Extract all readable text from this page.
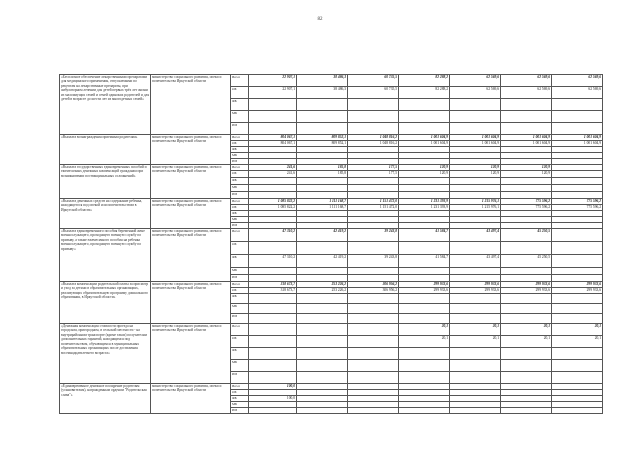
82
«Бесплатное обеспечение лекарственными препаратами для медицинского применения, отпускаемыми по рецептам на лекарственные препараты, при амбулаторном лечении для детей первых трёх лет жизни из малоимущих семей и семей одиноких родителей и для детей в возрасте до шести лет из многодетных семей»	министерство социального развития, опеки и попечительства Иркутской области	Всего	22 907,1	38 486,3	60 735,5	82 288,2	62 569,6	62 569,6	62 569,6
		ОБ	22 907,1	38 486,3	60 735,5	82 288,2	62 569,6	62 569,6	62 569,6
		ФБ							
		МБ							
		ИИ							
«Выплата вознаграждения приемным родителям»	министерство социального развития, опеки и попечительства Иркутской области	Всего	804 067,1	809 852,1	1 048 816,2	1 001 604,9	1 001 604,9	1 001 604,9	1 001 604,9
		ОБ	804 067,1	809 852,1	1 048 816,2	1 001 604,9	1 001 604,9	1 001 604,9	1 001 604,9
		ФБ							
		МБ							
		ИИ							
«Выплата государственных единовременных пособий и ежемесячных денежных компенсаций гражданам при возникновении поствакцинальных осложнений»	министерство социального развития, опеки и попечительства Иркутской области	Всего	241,6	185,8	177,5	120,9	120,9	120,9	
		ОБ	241,6	185,8	177,5	120,9	120,9	120,9	
		ФБ							
		МБ							
		ИИ							
«Выплата денежных средств на содержание ребенка, находящегося под опекой или попечительством в Иркутской области»	министерство социального развития, опеки и попечительства Иркутской области	Всего	1 085 822,2	1 111 168,7	1 151 472,0	1 231 393,9	1 215 976,1	775 596,2	775 596,2
		ОБ	1 085 822,2	1 111 168,7	1 151 472,0	1 231 393,9	1 215 976,1	775 596,2	775 596,2
		ФБ							
		МБ							
		ИИ							
«Выплата единовременного пособия беременной жене военнослужащего, проходящего военную службу по призыву, а также ежемесячного пособия на ребенка военнослужащего, проходящего военную службу по призыву»	министерство социального развития, опеки и попечительства Иркутской области	Всего	47 310,2	42 419,2	39 243,8	41 584,7	43 497,4	45 250,5	
		ОБ							
		ФБ	47 310,2	42 419,2	39 243,8	41 584,7	43 497,4	45 250,5	
		МБ							
		ИИ							
«Выплата компенсации родительской платы за присмотр и уход за детьми в образовательных организациях, реализующих образовательную программу дошкольного образования, в Иркутской области»	министерство социального развития, опеки и попечительства Иркутской области	Всего	318 673,7	253 226,2	306 956,2	299 933,6	299 933,6	299 933,6	299 933,6
		ОБ	318 673,7	253 226,2	306 956,2	299 933,6	299 933,6	299 933,6	299 933,6
		ФБ							
		МБ							
		ИИ							
«Денежная компенсация стоимости проезда на городском, пригородном, в сельской местности - на внутрирайонном транспорте (кроме такси) получателям дополнительных гарантий, находящимся под попечительством, обучающимся в муниципальных образовательных организациях после достижения восемнадцатилетнего возраста»	министерство социального развития, опеки и попечительства Иркутской области	Всего				20,1	20,1	20,1	20,1
		ОБ				20,1	20,1	20,1	20,1
		ФБ							
		МБ							
		ИИ							
«Единовременное денежное поощрение родителям (усыновителям), награжденным орденом "Родительская слава"»	министерство социального развития, опеки и попечительства Иркутской области	Всего	100,0						
		ОБ							
		ФБ	100,0						
		МБ							
		ИИ							
